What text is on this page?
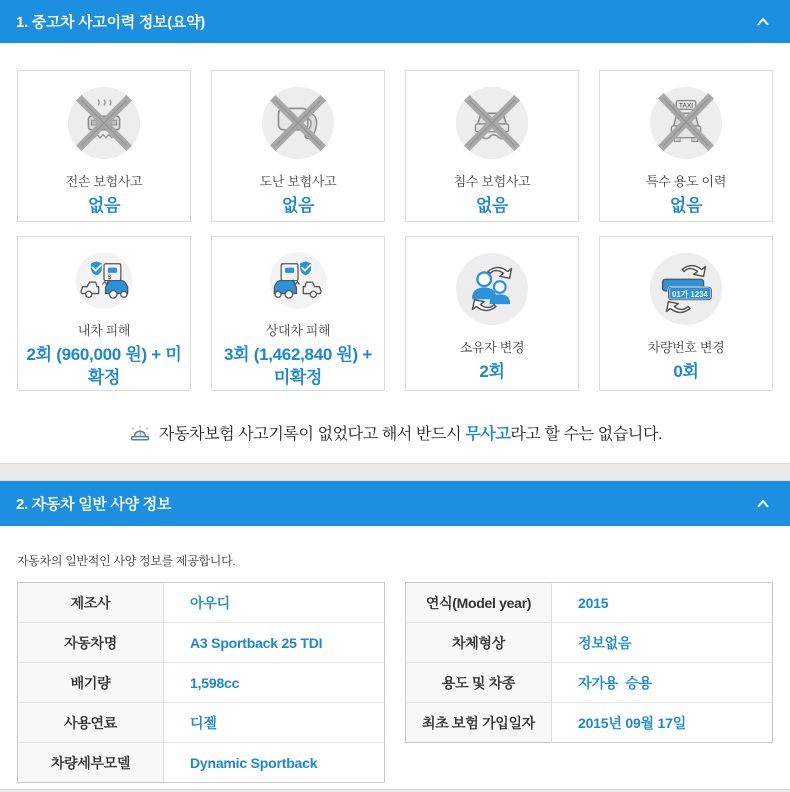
1. 중고차 사고이력 정보(요약)
전손 보험사고
없음
도난 보험사고
없음
침수 보험사고
없음
TAXI
특수 용도 이력
없음
$
내차 피해
2회 (960,000 원) + 미확정
상대차 피해
3회 (1,462,840 원) + 미확정
소유자 변경
2회
01가 1234
차량번호 변경
0회
! 자동차보험 사고기록이 없었다고 해서 반드시 무사고라고 할 수는 없습니다.
2. 자동차 일반 사양 정보
자동차의 일반적인 사양 정보를 제공합니다.
제조사	아우디
자동차명	A3 Sportback 25 TDI
배기량	1,598cc
사용연료	디젤
차량세부모델	Dynamic Sportback
연식(Model year)	2015
차체형상	정보없음
용도 및 차종	자가용  승용
최초 보험 가입일자	2015년 09월 17일
